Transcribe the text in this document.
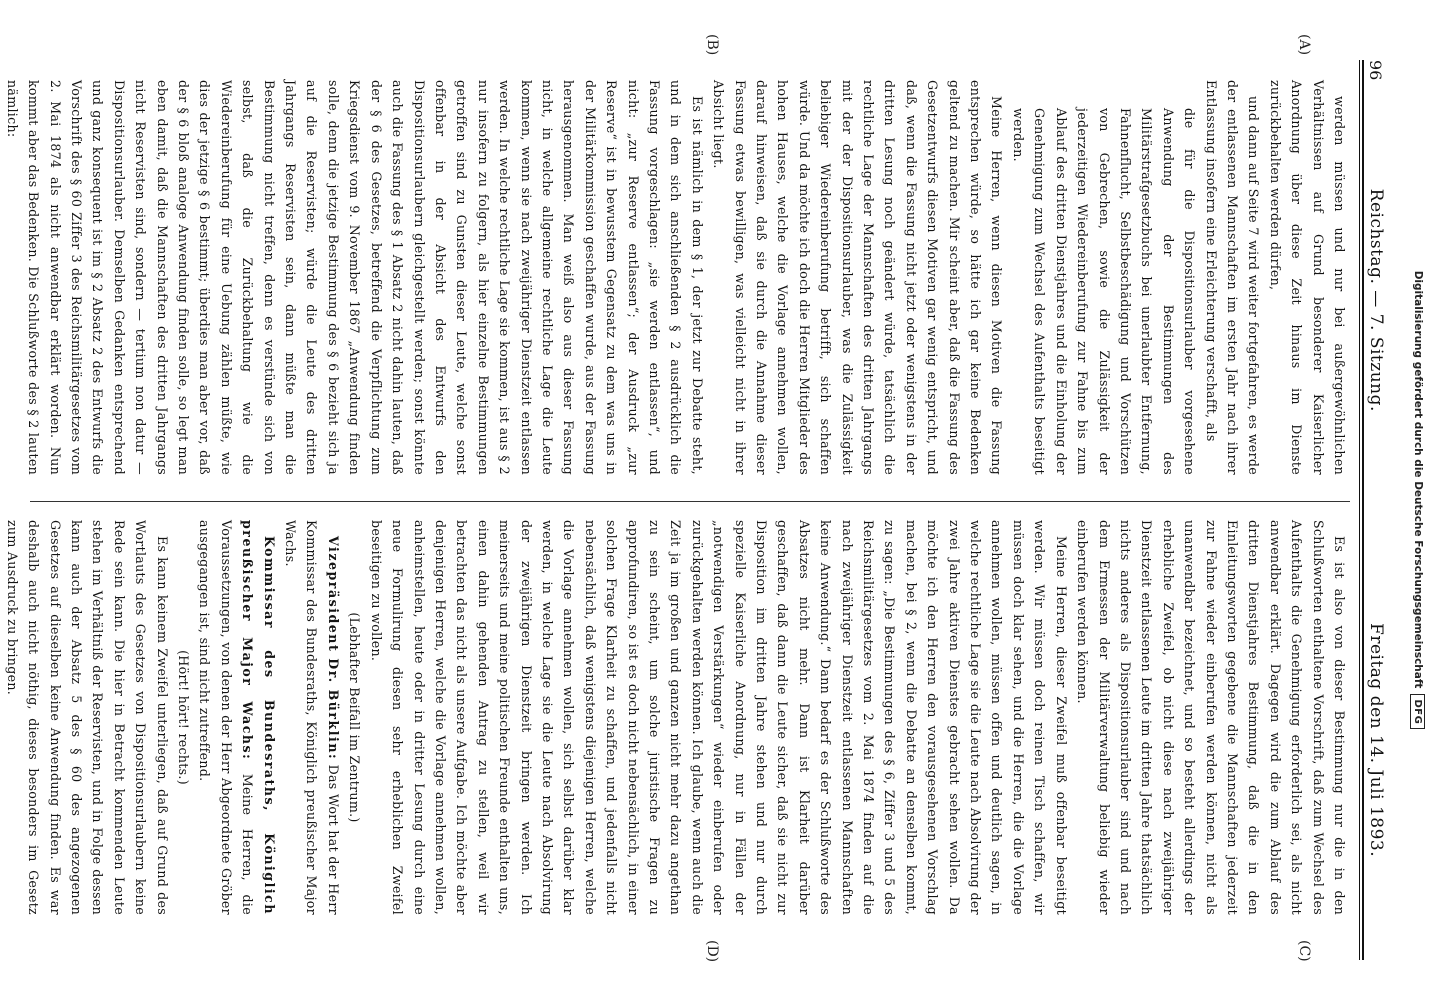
Digitalisierung gefördert durch die Deutsche Forschungsgemeinschaft
DFG
96
Reichstag. — 7. Sitzung.
Freitag den 14. Juli 1893.

werden müssen und nur bei außergewöhnlichen Verhältnissen auf Grund besonderer Kaiserlicher Anordnung über diese Zeit hinaus im Dienste zurückbehalten werden dürfen,

und dann auf Seite 7 wird weiter fortgefahren, es werde der entlassenen Mannschaften im ersten Jahr nach ihrer Entlassung insofern eine Erleichterung verschafft, als

die für die Dispositionsurlauber vorgesehene Anwendung der Bestimmungen des Militärstrafgesetzbuchs bei unerlaubter Entfernung, Fahnenflucht, Selbstbeschädigung und Vorschützen von Gebrechen, sowie die Zulässigkeit der jederzeitigen Wiedereinberufung zur Fahne bis zum Ablauf des dritten Dienstjahres und die Einholung der Genehmigung zum Wechsel des Aufenthalts beseitigt werden.

Meine Herren, wenn diesen Motiven die Fassung entsprechen würde, so hätte ich gar keine Bedenken geltend zu machen. Mir scheint aber, daß die Fassung des Gesetzentwurfs diesen Motiven gar wenig entspricht, und daß, wenn die Fassung nicht jetzt oder wenigstens in der dritten Lesung noch geändert würde, tatsächlich die rechtliche Lage der Mannschaften des dritten Jahrgangs mit der der Dispositionsurlauber, was die Zulässigkeit beliebiger Wiedereinberufung betrifft, sich schaffen würde. Und da möchte ich doch die Herren Mitglieder des hohen Hauses, welche die Vorlage annehmen wollen, darauf hinweisen, daß sie durch die Annahme dieser Fassung etwas bewilligen, was vielleicht nicht in ihrer Absicht liegt.

Es ist nämlich in dem § 1, der jetzt zur Debatte steht, und in dem sich anschließenden § 2 ausdrücklich die Fassung vorgeschlagen: „sie werden entlassen“, und nicht: „zur Reserve entlassen“; der Ausdruck „zur Reserve“ ist in bewusstem Gegensatz zu dem was uns in der Militärkommission geschaffen wurde, aus der Fassung herausgenommen. Man weiß also aus dieser Fassung nicht, in welche allgemeine rechtliche Lage die Leute kommen, wenn sie nach zweijähriger Dienstzeit entlassen werden. In welche rechtliche Lage sie kommen, ist aus § 2 nur insofern zu folgern, als hier einzelne Bestimmungen getroffen sind zu Gunsten dieser Leute, welche sonst offenbar in der Absicht des Entwurfs den Dispositionsurlaubern gleichgestellt werden; sonst könnte auch die Fassung des § 1 Absatz 2 nicht dahin lauten, daß der § 6 des Gesetzes, betreffend die Verpflichtung zum Kriegsdienst vom 9. November 1867 „Anwendung finden solle, denn die jetzige Bestimmung des § 6 bezieht sich ja auf die Reservisten; würde die Leute des dritten Jahrgangs Reservisten sein, dann müßte man die Bestimmung nicht treffen, denn es verstünde sich von selbst, daß die Zurückbehaltung wie die Wiedereinberufung für eine Uebung zählen müßte, wie dies der jetzige § 6 bestimmt; überdies man aber vor, daß der § 6 bloß analoge Anwendung finden solle, so legt man eben damit, daß die Mannschaften des dritten Jahrgangs nicht Reservisten sind, sondern — tertium non datur — Dispositionsurlauber. Demselben Gedanken entsprechend und ganz konsequent ist im § 2 Absatz 2 des Entwurfs die Vorschrift des § 60 Ziffer 3 des Reichsmilitärgesetzes vom 2. Mai 1874 als nicht anwendbar erklärt worden. Nun kommt aber das Bedenken. Die Schlußworte des § 2 lauten nämlich:

Es ist also von dieser Bestimmung nur die in den Schlußworten enthaltene Vorschrift, daß zum Wechsel des Aufenthalts die Genehmigung erforderlich sei, als nicht anwendbar erklärt. Dagegen wird die zum Ablauf des dritten Dienstjahres Bestimmung, daß die in den Einleitungsworten gegebene die Mannschaften jederzeit zur Fahne wieder einberufen werden können, nicht als unanwendbar bezeichnet, und so besteht allerdings der erhebliche Zweifel, ob nicht diese nach zweijähriger Dienstzeit entlassenen Leute im dritten Jahre thatsächlich nichts anderes als Dispositionsurlauber sind und nach dem Ermessen der Militärverwaltung beliebig wieder einberufen werden können.

Meine Herren, dieser Zweifel muß offenbar beseitigt werden. Wir müssen doch reinen Tisch schaffen, wir müssen doch klar sehen, und die Herren, die die Vorlage annehmen wollen, müssen offen und deutlich sagen, in welche rechtliche Lage sie die Leute nach Absolvirung der zwei Jahre aktiven Dienstes gebracht sehen wollen. Da möchte ich den Herren den vorausgesehenen Vorschlag machen, bei § 2, wenn die Debatte an denselben kommt, zu sagen: „Die Bestimmungen des § 6, Ziffer 3 und 5 des Reichsmilitärgesetzes vom 2. Mai 1874 finden auf die nach zweijähriger Dienstzeit entlassenen Mannschaften keine Anwendung.“ Dann bedarf es der Schlußworte des Absatzes nicht mehr. Dann ist Klarheit darüber geschaffen, daß dann die Leute sicher, daß sie nicht zur Disposition im dritten Jahre stehen und nur durch spezielle Kaiserliche Anordnung, nur in Fällen der „notwendigen Verstärkungen“ wieder einberufen oder zurückgehalten werden können. Ich glaube, wenn auch die Zeit ja im großen und ganzen nicht mehr dazu angethan zu sein scheint, um solche juristische Fragen zu approfundiren, so ist es doch nicht nebensächlich, in einer solchen Frage Klarheit zu schaffen, und jedenfalls nicht nebensächlich, daß wenigstens diejenigen Herren, welche die Vorlage annehmen wollen, sich selbst darüber klar werden, in welche Lage sie die Leute nach Absolvirung der zweijährigen Dienstzeit bringen werden. Ich meinerseits und meine politischen Freunde enthalten uns, einen dahin gehenden Antrag zu stellen, weil wir betrachten das nicht als unsere Aufgabe. Ich möchte aber denjenigen Herren, welche die Vorlage annehmen wollen, anheimstellen, heute oder in dritter Lesung durch eine neue Formulirung diesen sehr erheblichen Zweifel beseitigen zu wollen.

(Lebhafter Beifall im Zentrum.)

Vizepräsident Dr. Bürklin: Das Wort hat der Herr Kommissar des Bundesraths, Königlich preußischer Major Wachs.

Kommissar des Bundesraths, Königlich preußischer Major Wachs: Meine Herren, die Voraussetzungen, von denen der Herr Abgeordnete Gröber ausgegangen ist, sind nicht zutreffend.

(Hört! hört! rechts.)

Es kann keinem Zweifel unterliegen, daß auf Grund des Wortlauts des Gesetzes von Dispositionsurlaubern keine Rede sein kann. Die hier in Betracht kommenden Leute stehen im Verhältniß der Reservisten, und in Folge dessen kann auch der Absatz 5 des § 60 des angezogenen Gesetzes auf dieselben keine Anwendung finden. Es war deshalb auch nicht nöthig, dieses besonders im Gesetz zum Ausdruck zu bringen.

(A)
(B)
(C)
(D)
